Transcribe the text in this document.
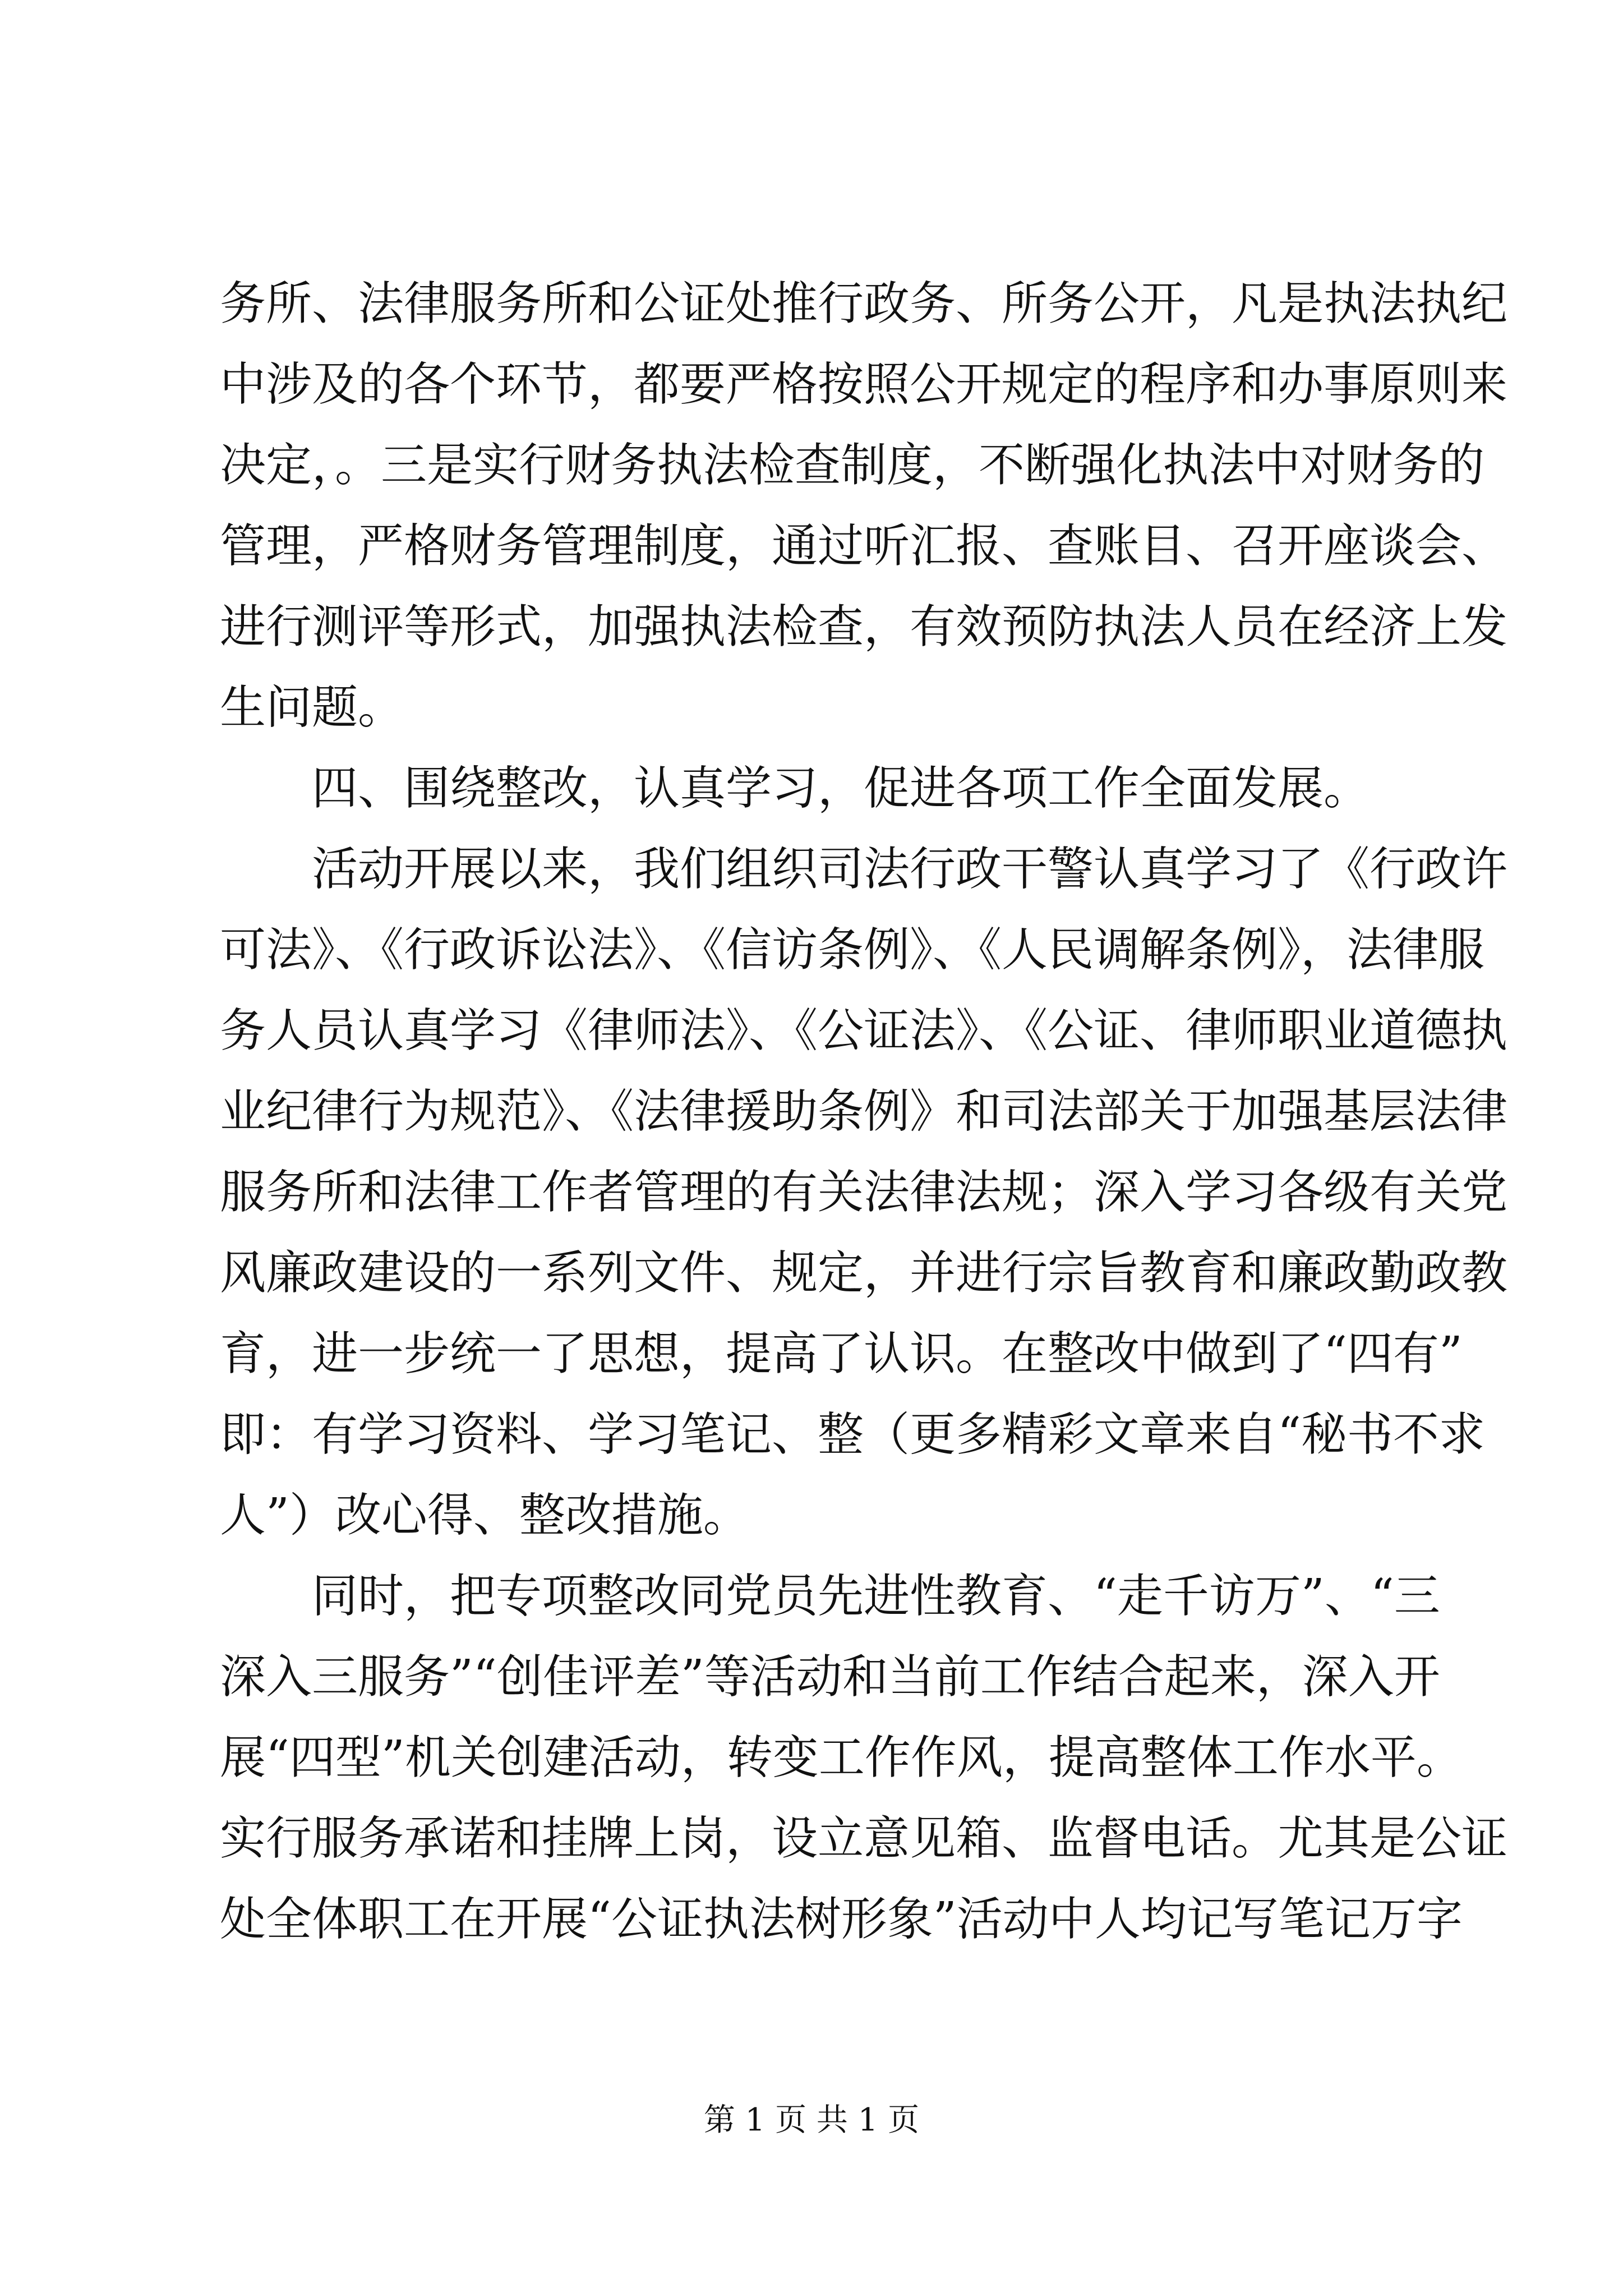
务所、法律服务所和公证处推行政务、所务公开，凡是执法执纪
中涉及的各个环节，都要严格按照公开规定的程序和办事原则来
决定，。三是实行财务执法检查制度，不断强化执法中对财务的
管理，严格财务管理制度，通过听汇报、查账目、召开座谈会、
进行测评等形式，加强执法检查，有效预防执法人员在经济上发
生问题。
四、围绕整改，认真学习，促进各项工作全面发展。
活动开展以来，我们组织司法行政干警认真学习了《行政许
可法》、《行政诉讼法》、《信访条例》、《人民调解条例》，法律服
务人员认真学习《律师法》、《公证法》、《公证、律师职业道德执
业纪律行为规范》、《法律援助条例》和司法部关于加强基层法律
服务所和法律工作者管理的有关法律法规；深入学习各级有关党
风廉政建设的一系列文件、规定，并进行宗旨教育和廉政勤政教
育，进一步统一了思想，提高了认识。在整改中做到了“四有”
即：有学习资料、学习笔记、整（更多精彩文章来自“秘书不求
人”）改心得、整改措施。
同时，把专项整改同党员先进性教育、“走千访万”、“三
深入三服务”“创佳评差”等活动和当前工作结合起来，深入开
展“四型”机关创建活动，转变工作作风，提高整体工作水平。
实行服务承诺和挂牌上岗，设立意见箱、监督电话。尤其是公证
处全体职工在开展“公证执法树形象”活动中人均记写笔记万字
第 1 页 共 1 页
